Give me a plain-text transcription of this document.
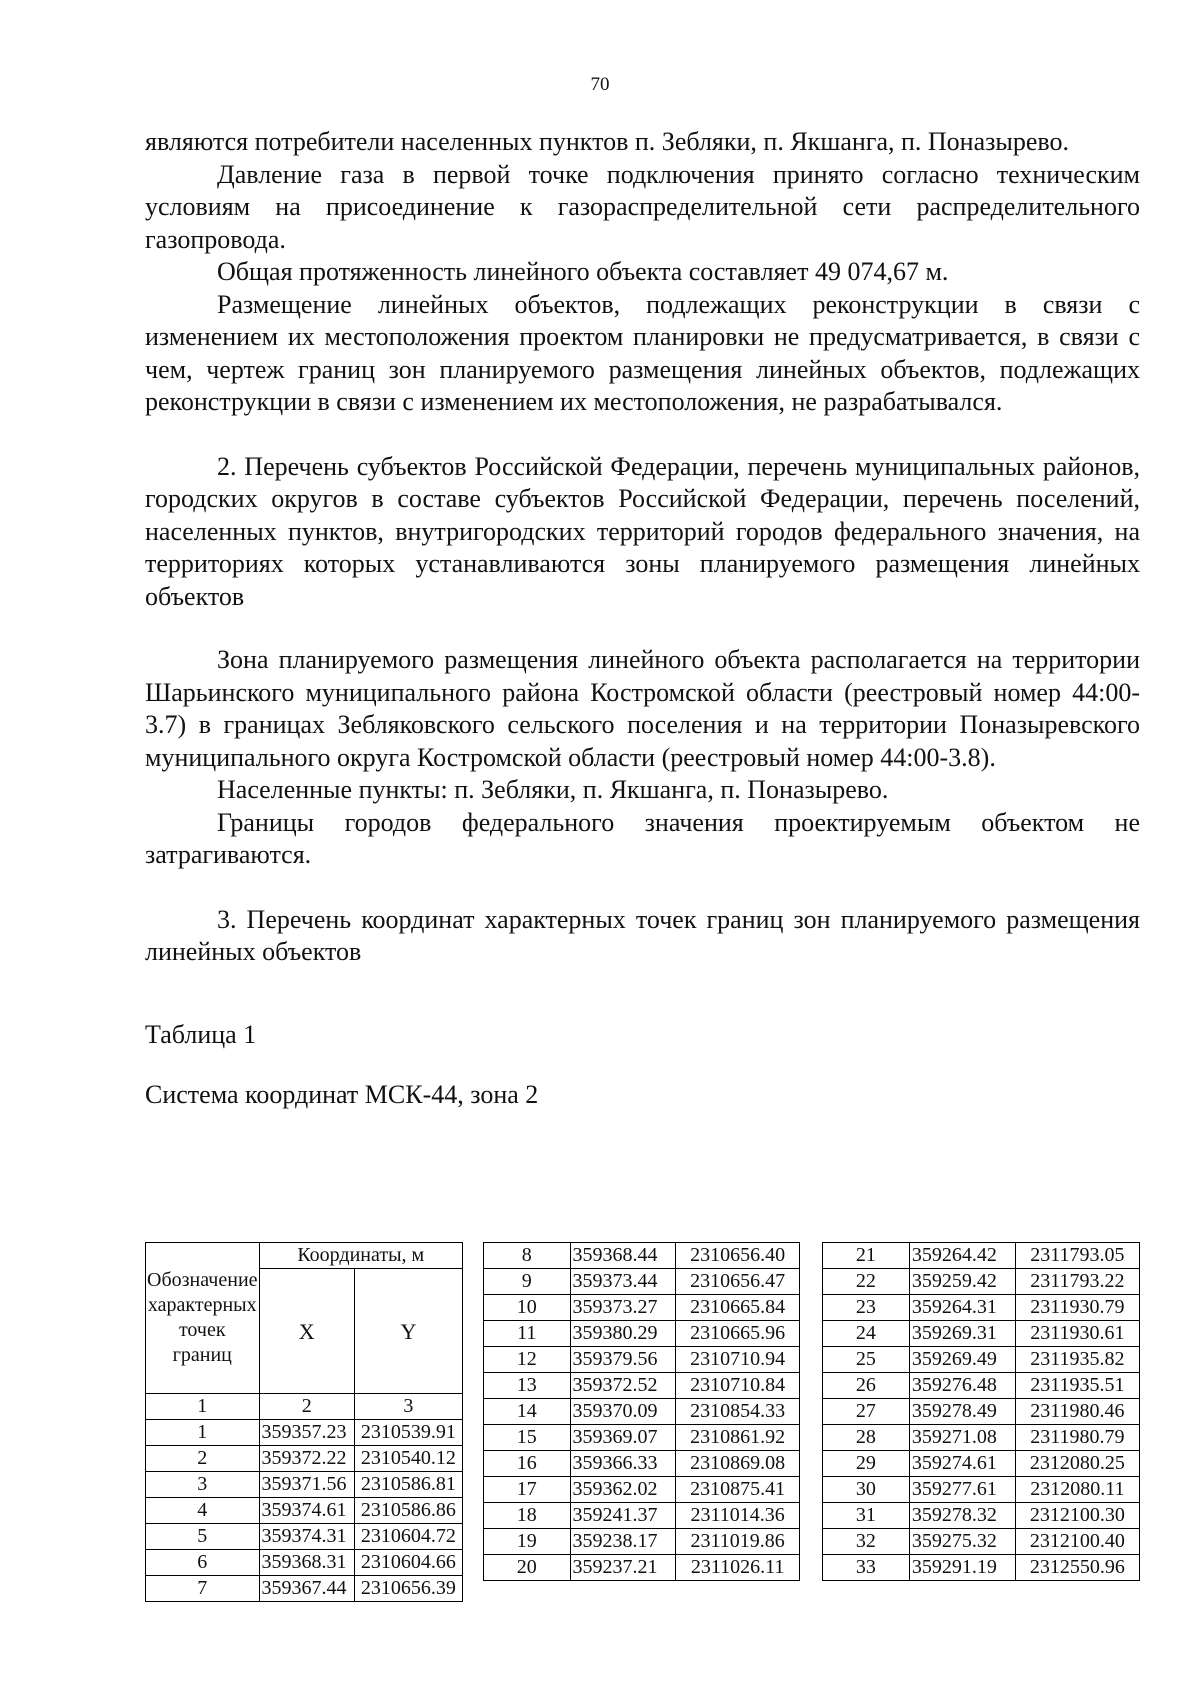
70

являются потребители населенных пунктов п. Зебляки, п. Якшанга, п. Поназырево.

Давление газа в первой точке подключения принято согласно техническим условиям на присоединение к газораспределительной сети распределительного газопровода.

Общая протяженность линейного объекта составляет 49 074,67 м.

Размещение линейных объектов, подлежащих реконструкции в связи с изменением их местоположения проектом планировки не предусматривается, в связи с чем, чертеж границ зон планируемого размещения линейных объектов, подлежащих реконструкции в связи с изменением их местоположения, не разрабатывался.

2. Перечень субъектов Российской Федерации, перечень муниципальных районов, городских округов в составе субъектов Российской Федерации, перечень поселений, населенных пунктов, внутригородских территорий городов федерального значения, на территориях которых устанавливаются зоны планируемого размещения линейных объектов

Зона планируемого размещения линейного объекта располагается на территории Шарьинского муниципального района Костромской области (реестровый номер 44:00-3.7) в границах Зебляковского сельского поселения и на территории Поназыревского муниципального округа Костромской области (реестровый номер 44:00-3.8).

Населенные пункты: п. Зебляки, п. Якшанга, п. Поназырево.

Границы городов федерального значения проектируемым объектом не затрагиваются.

3. Перечень координат характерных точек границ зон планируемого размещения линейных объектов

Таблица 1

Система координат МСК-44, зона 2

Обозначение характерных точек границ	Координаты, м	
	X	Y
1	2	3
1	359357.23	2310539.91
2	359372.22	2310540.12
3	359371.56	2310586.81
4	359374.61	2310586.86
5	359374.31	2310604.72
6	359368.31	2310604.66
7	359367.44	2310656.39
8	359368.44	2310656.40
9	359373.44	2310656.47
10	359373.27	2310665.84
11	359380.29	2310665.96
12	359379.56	2310710.94
13	359372.52	2310710.84
14	359370.09	2310854.33
15	359369.07	2310861.92
16	359366.33	2310869.08
17	359362.02	2310875.41
18	359241.37	2311014.36
19	359238.17	2311019.86
20	359237.21	2311026.11
21	359264.42	2311793.05
22	359259.42	2311793.22
23	359264.31	2311930.79
24	359269.31	2311930.61
25	359269.49	2311935.82
26	359276.48	2311935.51
27	359278.49	2311980.46
28	359271.08	2311980.79
29	359274.61	2312080.25
30	359277.61	2312080.11
31	359278.32	2312100.30
32	359275.32	2312100.40
33	359291.19	2312550.96
